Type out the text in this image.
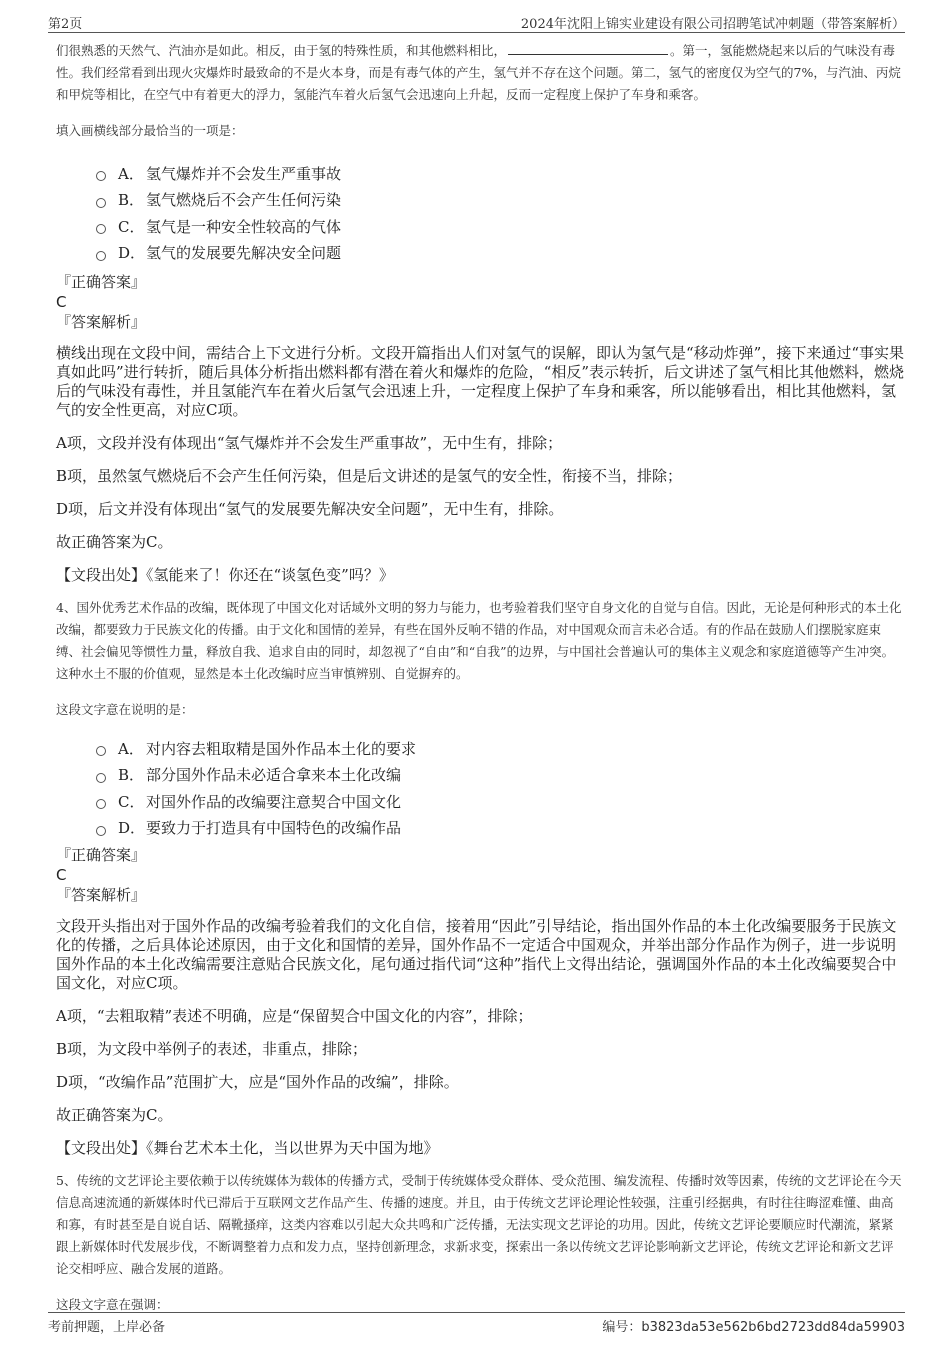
第2页	2024年沈阳上锦实业建设有限公司招聘笔试冲刺题（带答案解析）

们很熟悉的天然气、汽油亦是如此。相反，由于氢的特殊性质，和其他燃料相比，	。第一，氢能燃烧起来以后的气味没有毒性。我们经常看到出现火灾爆炸时最致命的不是火本身，而是有毒气体的产生，氢气并不存在这个问题。第二，氢气的密度仅为空气的7%，与汽油、丙烷和甲烷等相比，在空气中有着更大的浮力，氢能汽车着火后氢气会迅速向上升起，反而一定程度上保护了车身和乘客。

填入画横线部分最恰当的一项是：

A． 氢气爆炸并不会发生严重事故
B． 氢气燃烧后不会产生任何污染
C． 氢气是一种安全性较高的气体
D． 氢气的发展要先解决安全问题

『正确答案』

C

『答案解析』

横线出现在文段中间，需结合上下文进行分析。文段开篇指出人们对氢气的误解，即认为氢气是“移动炸弹”，接下来通过“事实果真如此吗”进行转折，随后具体分析指出燃料都有潜在着火和爆炸的危险，“相反”表示转折，后文讲述了氢气相比其他燃料，燃烧后的气味没有毒性，并且氢能汽车在着火后氢气会迅速上升，一定程度上保护了车身和乘客，所以能够看出，相比其他燃料，氢气的安全性更高，对应C项。

A项，文段并没有体现出“氢气爆炸并不会发生严重事故”，无中生有，排除；

B项，虽然氢气燃烧后不会产生任何污染，但是后文讲述的是氢气的安全性，衔接不当，排除；

D项，后文并没有体现出“氢气的发展要先解决安全问题”，无中生有，排除。

故正确答案为C。

【文段出处】《氢能来了！你还在“谈氢色变”吗？》

4、国外优秀艺术作品的改编，既体现了中国文化对话域外文明的努力与能力，也考验着我们坚守自身文化的自觉与自信。因此，无论是何种形式的本土化改编，都要致力于民族文化的传播。由于文化和国情的差异，有些在国外反响不错的作品，对中国观众而言未必合适。有的作品在鼓励人们摆脱家庭束缚、社会偏见等惯性力量，释放自我、追求自由的同时，却忽视了“自由”和“自我”的边界，与中国社会普遍认可的集体主义观念和家庭道德等产生冲突。这种水土不服的价值观，显然是本土化改编时应当审慎辨别、自觉摒弃的。

这段文字意在说明的是：

A． 对内容去粗取精是国外作品本土化的要求
B． 部分国外作品未必适合拿来本土化改编
C． 对国外作品的改编要注意契合中国文化
D． 要致力于打造具有中国特色的改编作品

『正确答案』

C

『答案解析』

文段开头指出对于国外作品的改编考验着我们的文化自信，接着用“因此”引导结论，指出国外作品的本土化改编要服务于民族文化的传播，之后具体论述原因，由于文化和国情的差异，国外作品不一定适合中国观众，并举出部分作品作为例子，进一步说明国外作品的本土化改编需要注意贴合民族文化，尾句通过指代词“这种”指代上文得出结论，强调国外作品的本土化改编要契合中国文化，对应C项。

A项，“去粗取精”表述不明确，应是“保留契合中国文化的内容”，排除；

B项，为文段中举例子的表述，非重点，排除；

D项，“改编作品”范围扩大，应是“国外作品的改编”，排除。

故正确答案为C。

【文段出处】《舞台艺术本土化，当以世界为天中国为地》

5、传统的文艺评论主要依赖于以传统媒体为载体的传播方式，受制于传统媒体受众群体、受众范围、编发流程、传播时效等因素，传统的文艺评论在今天信息高速流通的新媒体时代已滞后于互联网文艺作品产生、传播的速度。并且，由于传统文艺评论理论性较强，注重引经据典，有时往往晦涩难懂、曲高和寡，有时甚至是自说自话、隔靴搔痒，这类内容难以引起大众共鸣和广泛传播，无法实现文艺评论的功用。因此，传统文艺评论要顺应时代潮流，紧紧跟上新媒体时代发展步伐，不断调整着力点和发力点，坚持创新理念，求新求变，探索出一条以传统文艺评论影响新文艺评论，传统文艺评论和新文艺评论交相呼应、融合发展的道路。

这段文字意在强调：

考前押题，上岸必备	编号：b3823da53e562b6bd2723dd84da59903
